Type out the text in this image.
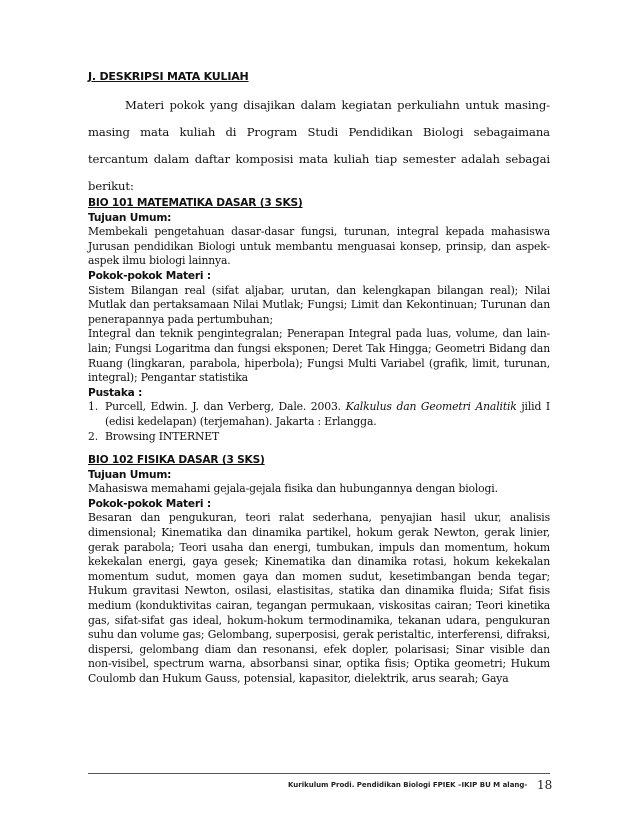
J. DESKRIPSI MATA KULIAH

Materi pokok yang disajikan dalam kegiatan perkuliahn untuk masing-masing mata kuliah di Program Studi Pendidikan Biologi sebagaimana tercantum dalam daftar komposisi mata kuliah tiap semester adalah sebagai berikut:

BIO 101 MATEMATIKA DASAR (3 SKS)
Tujuan Umum:

Membekali pengetahuan dasar-dasar fungsi, turunan, integral kepada mahasiswa Jurusan pendidikan Biologi untuk membantu menguasai konsep, prinsip, dan aspek-aspek ilmu biologi lainnya.

Pokok-pokok Materi :

Sistem Bilangan real (sifat aljabar, urutan, dan kelengkapan bilangan real); Nilai Mutlak dan pertaksamaan Nilai Mutlak; Fungsi; Limit dan Kekontinuan; Turunan dan penerapannya pada pertumbuhan;

Integral dan teknik pengintegralan; Penerapan Integral pada luas, volume, dan lain-lain; Fungsi Logaritma dan fungsi eksponen; Deret Tak Hingga; Geometri Bidang dan Ruang (lingkaran, parabola, hiperbola); Fungsi Multi Variabel (grafik, limit, turunan, integral); Pengantar statistika

Pustaka :
1. Purcell, Edwin. J. dan Verberg, Dale. 2003. Kalkulus dan Geometri Analitik jilid I (edisi kedelapan) (terjemahan). Jakarta : Erlangga.
2. Browsing INTERNET
BIO 102 FISIKA DASAR (3 SKS)
Tujuan Umum:

Mahasiswa memahami gejala-gejala fisika dan hubungannya dengan biologi.

Pokok-pokok Materi :

Besaran dan pengukuran, teori ralat sederhana, penyajian hasil ukur, analisis dimensional; Kinematika dan dinamika partikel, hokum gerak Newton, gerak linier, gerak parabola; Teori usaha dan energi, tumbukan, impuls dan momentum, hokum kekekalan energi, gaya gesek; Kinematika dan dinamika rotasi, hokum kekekalan momentum sudut, momen gaya dan momen sudut, kesetimbangan benda tegar; Hukum gravitasi Newton, osilasi, elastisitas, statika dan dinamika fluida; Sifat fisis medium (konduktivitas cairan, tegangan permukaan, viskositas cairan; Teori kinetika gas, sifat-sifat gas ideal, hokum-hokum termodinamika, tekanan udara, pengukuran suhu dan volume gas; Gelombang, superposisi, gerak peristaltic, interferensi, difraksi, dispersi, gelombang diam dan resonansi, efek dopler, polarisasi; Sinar visible dan non-visibel, spectrum warna, absorbansi sinar, optika fisis; Optika geometri; Hukum Coulomb dan Hukum Gauss, potensial, kapasitor, dielektrik, arus searah; Gaya

Kurikulum Prodi. Pendidikan Biologi FPIEK –IKIP BU M alang- 18
